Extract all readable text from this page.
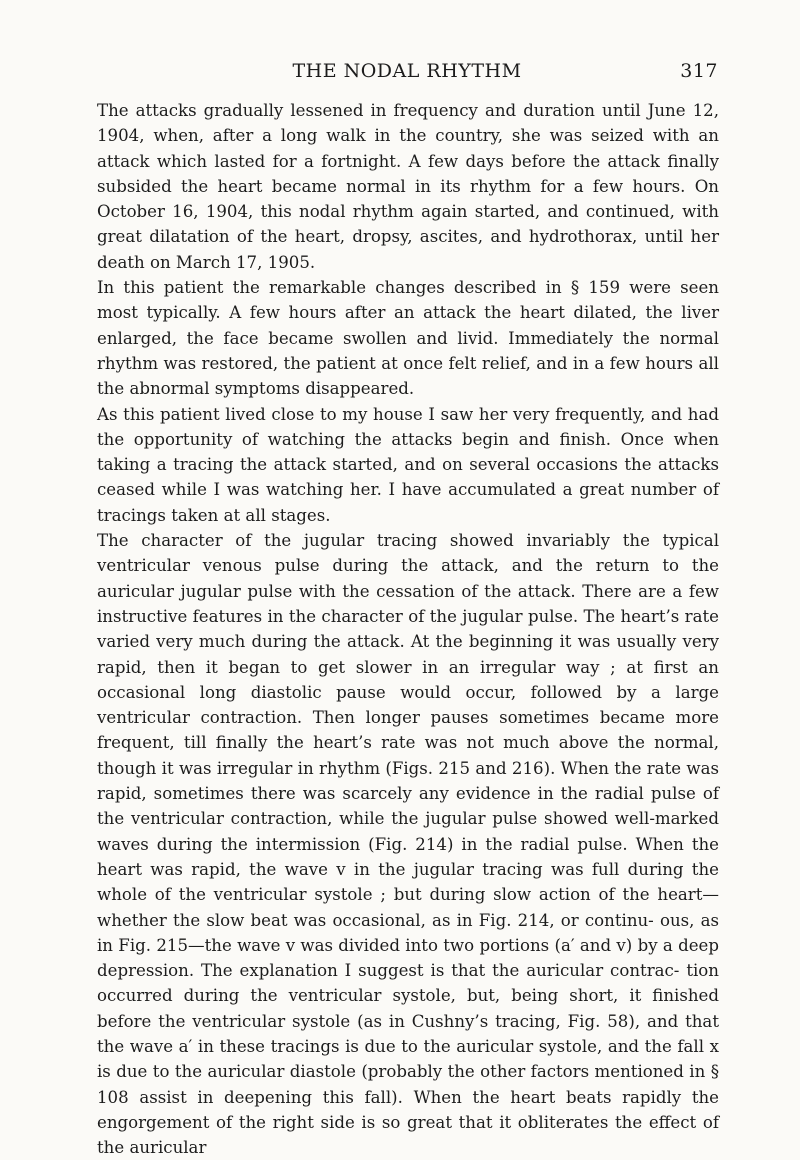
THE NODAL RHYTHM	317

The attacks gradually lessened in frequency and duration until June 12, 1904, when, after a long walk in the country, she was seized with an attack which lasted for a fortnight. A few days before the attack finally subsided the heart became normal in its rhythm for a few hours. On October 16, 1904, this nodal rhythm again started, and continued, with great dilatation of the heart, dropsy, ascites, and hydrothorax, until her death on March 17, 1905.

In this patient the remarkable changes described in § 159 were seen most typically. A few hours after an attack the heart dilated, the liver enlarged, the face became swollen and livid. Immediately the normal rhythm was restored, the patient at once felt relief, and in a few hours all the abnormal symptoms disappeared.

As this patient lived close to my house I saw her very frequently, and had the opportunity of watching the attacks begin and finish. Once when taking a tracing the attack started, and on several occasions the attacks ceased while I was watching her. I have accumulated a great number of tracings taken at all stages.

The character of the jugular tracing showed invariably the typical ventricular venous pulse during the attack, and the return to the auricular jugular pulse with the cessation of the attack. There are a few instructive features in the character of the jugular pulse. The heart’s rate varied very much during the attack. At the beginning it was usually very rapid, then it began to get slower in an irregular way ; at first an occasional long diastolic pause would occur, followed by a large ventricular contraction. Then longer pauses sometimes became more frequent, till finally the heart’s rate was not much above the normal, though it was irregular in rhythm (Figs. 215 and 216). When the rate was rapid, sometimes there was scarcely any evidence in the radial pulse of the ventricular contraction, while the jugular pulse showed well-marked waves during the intermission (Fig. 214) in the radial pulse. When the heart was rapid, the wave v in the jugular tracing was full during the whole of the ventricular systole ; but during slow action of the heart—whether the slow beat was occasional, as in Fig. 214, or continu- ous, as in Fig. 215—the wave v was divided into two portions (a′ and v) by a deep depression. The explanation I suggest is that the auricular contrac- tion occurred during the ventricular systole, but, being short, it finished before the ventricular systole (as in Cushny’s tracing, Fig. 58), and that the wave a′ in these tracings is due to the auricular systole, and the fall x is due to the auricular diastole (probably the other factors mentioned in § 108 assist in deepening this fall). When the heart beats rapidly the engorgement of the right side is so great that it obliterates the effect of the auricular
